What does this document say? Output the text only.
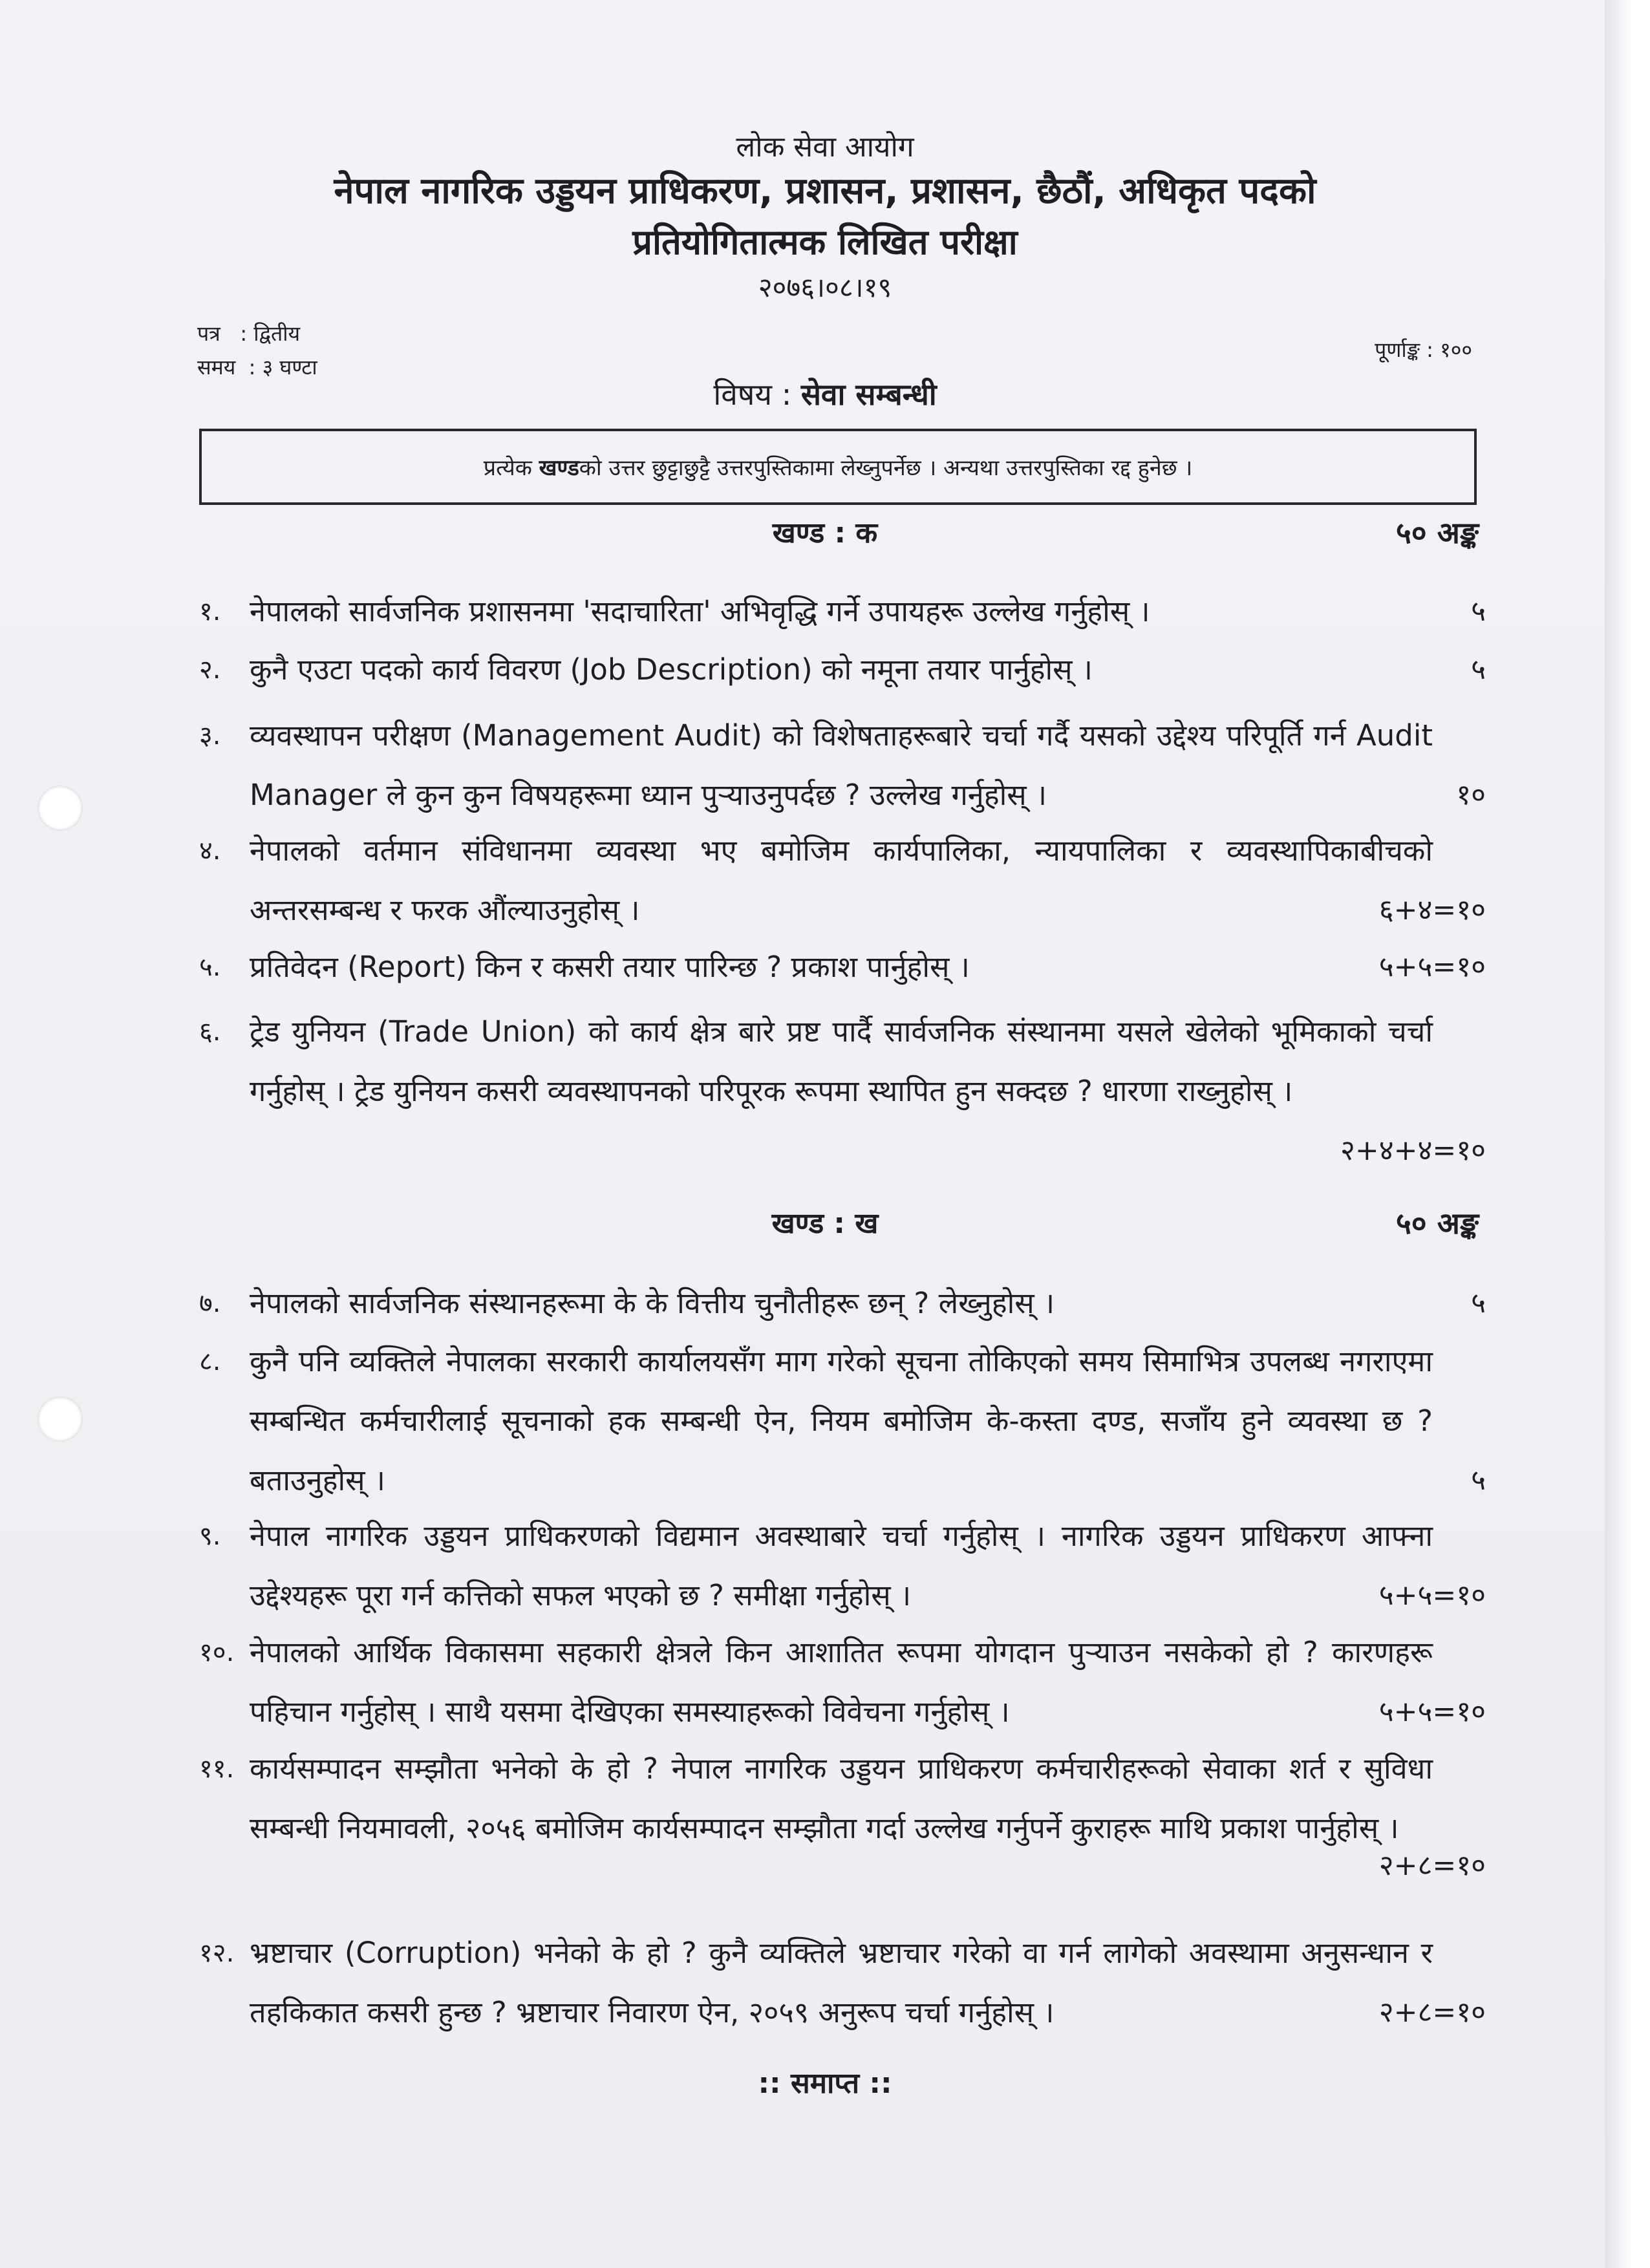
लोक सेवा आयोग
नेपाल नागरिक उड्डयन प्राधिकरण, प्रशासन, प्रशासन, छैठौं, अधिकृत पदको
प्रतियोगितात्मक लिखित परीक्षा
२०७६।०८।१९
पत्र   : द्वितीय
समय  : ३ घण्टा
पूर्णाङ्क : १००
विषय : सेवा सम्बन्धी
प्रत्येक खण्डको उत्तर छुट्टाछुट्टै उत्तरपुस्तिकामा लेख्नुपर्नेछ । अन्यथा उत्तरपुस्तिका रद्द हुनेछ ।
खण्ड : क	५० अङ्क
१. नेपालको सार्वजनिक प्रशासनमा 'सदाचारिता' अभिवृद्धि गर्ने उपायहरू उल्लेख गर्नुहोस् ।	५
२. कुनै एउटा पदको कार्य विवरण (Job Description) को नमूना तयार पार्नुहोस् ।	५
३. व्यवस्थापन परीक्षण (Management Audit) को विशेषताहरूबारे चर्चा गर्दै यसको उद्देश्य परिपूर्ति गर्न Audit Manager ले कुन कुन विषयहरूमा ध्यान पुर्‍याउनुपर्दछ ? उल्लेख गर्नुहोस् ।	१०
४. नेपालको वर्तमान संविधानमा व्यवस्था भए बमोजिम कार्यपालिका, न्यायपालिका र व्यवस्थापिकाबीचको अन्तरसम्बन्ध र फरक औंल्याउनुहोस् ।	६+४=१०
५. प्रतिवेदन (Report) किन र कसरी तयार पारिन्छ ? प्रकाश पार्नुहोस् ।	५+५=१०
६. ट्रेड युनियन (Trade Union) को कार्य क्षेत्र बारे प्रष्ट पार्दै सार्वजनिक संस्थानमा यसले खेलेको भूमिकाको चर्चा गर्नुहोस् । ट्रेड युनियन कसरी व्यवस्थापनको परिपूरक रूपमा स्थापित हुन सक्दछ ? धारणा राख्नुहोस् ।
२+४+४=१०
खण्ड : ख	५० अङ्क
७. नेपालको सार्वजनिक संस्थानहरूमा के के वित्तीय चुनौतीहरू छन् ? लेख्नुहोस् ।	५
८. कुनै पनि व्यक्तिले नेपालका सरकारी कार्यालयसँग माग गरेको सूचना तोकिएको समय सिमाभित्र उपलब्ध नगराएमा सम्बन्धित कर्मचारीलाई सूचनाको हक सम्बन्धी ऐन, नियम बमोजिम के-कस्ता दण्ड, सजाँय हुने व्यवस्था छ ? बताउनुहोस् ।	५
९. नेपाल नागरिक उड्डयन प्राधिकरणको विद्यमान अवस्थाबारे चर्चा गर्नुहोस् । नागरिक उड्डयन प्राधिकरण आफ्ना उद्देश्यहरू पूरा गर्न कत्तिको सफल भएको छ ? समीक्षा गर्नुहोस् ।	५+५=१०
१०. नेपालको आर्थिक विकासमा सहकारी क्षेत्रले किन आशातित रूपमा योगदान पुर्‍याउन नसकेको हो ? कारणहरू पहिचान गर्नुहोस् । साथै यसमा देखिएका समस्याहरूको विवेचना गर्नुहोस् ।	५+५=१०
११. कार्यसम्पादन सम्झौता भनेको के हो ? नेपाल नागरिक उड्डयन प्राधिकरण कर्मचारीहरूको सेवाका शर्त र सुविधा सम्बन्धी नियमावली, २०५६ बमोजिम कार्यसम्पादन सम्झौता गर्दा उल्लेख गर्नुपर्ने कुराहरू माथि प्रकाश पार्नुहोस् ।
२+८=१०
१२. भ्रष्टाचार (Corruption) भनेको के हो ? कुनै व्यक्तिले भ्रष्टाचार गरेको वा गर्न लागेको अवस्थामा अनुसन्धान र तहकिकात कसरी हुन्छ ? भ्रष्टाचार निवारण ऐन, २०५९ अनुरूप चर्चा गर्नुहोस् ।	२+८=१०
:: समाप्त ::
